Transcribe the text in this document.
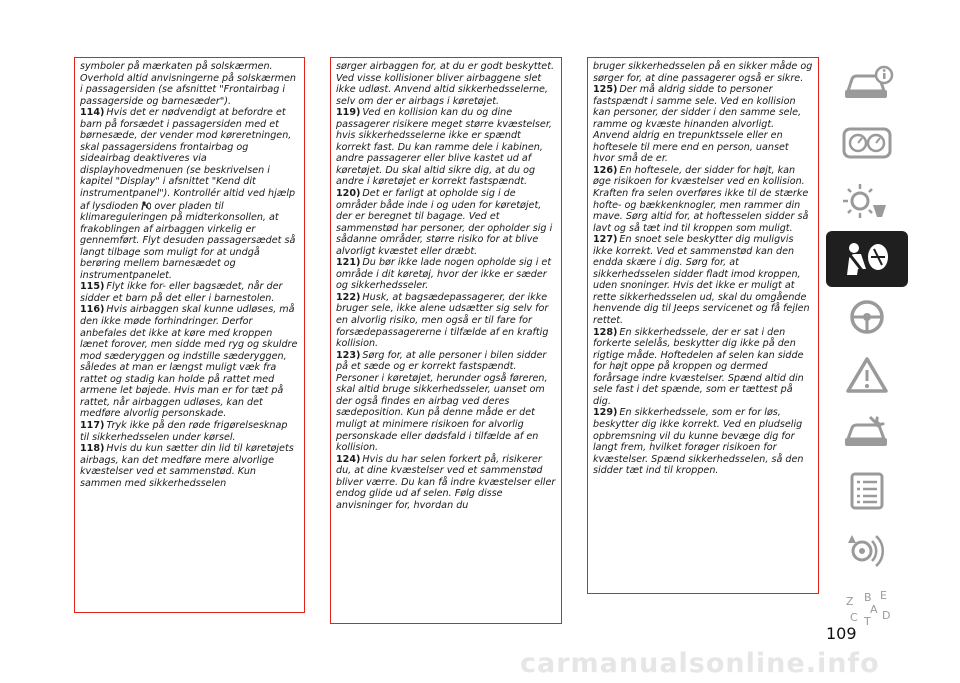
symboler på mærkaten på solskærmen. Overhold altid anvisningerne på solskærmen i passagersiden (se afsnittet "Frontairbag i passagerside og barnesæder").

114) Hvis det er nødvendigt at befordre et barn på forsædet i passagersiden med et børnesæde, der vender mod køreretningen, skal passagersidens frontairbag og sideairbag deaktiveres via displayhovedmenuen (se beskrivelsen i kapitel "Display" i afsnittet "Kend dit instrumentpanel"). Kontrollér altid ved hjælp af lysdioden over pladen til klimareguleringen på midterkonsollen, at frakoblingen af airbaggen virkelig er gennemført. Flyt desuden passagersædet så langt tilbage som muligt for at undgå berøring mellem barnesædet og instrumentpanelet.

115) Flyt ikke for- eller bagsædet, når der sidder et barn på det eller i barnestolen.

116) Hvis airbaggen skal kunne udløses, må den ikke møde forhindringer. Derfor anbefales det ikke at køre med kroppen lænet forover, men sidde med ryg og skuldre mod sæderyggen og indstille sæderyggen, således at man er længst muligt væk fra rattet og stadig kan holde på rattet med armene let bøjede. Hvis man er for tæt på rattet, når airbaggen udløses, kan det medføre alvorlig personskade.

117) Tryk ikke på den røde frigørelsesknap til sikkerhedsselen under kørsel.

118) Hvis du kun sætter din lid til køretøjets airbags, kan det medføre mere alvorlige kvæstelser ved et sammenstød. Kun sammen med sikkerhedsselen

sørger airbaggen for, at du er godt beskyttet. Ved visse kollisioner bliver airbaggene slet ikke udløst. Anvend altid sikkerhedsselerne, selv om der er airbags i køretøjet.

119) Ved en kollision kan du og dine passagerer risikere meget større kvæstelser, hvis sikkerhedsselerne ikke er spændt korrekt fast. Du kan ramme dele i kabinen, andre passagerer eller blive kastet ud af køretøjet. Du skal altid sikre dig, at du og andre i køretøjet er korrekt fastspændt.

120) Det er farligt at opholde sig i de områder både inde i og uden for køretøjet, der er beregnet til bagage. Ved et sammenstød har personer, der opholder sig i sådanne områder, større risiko for at blive alvorligt kvæstet eller dræbt.

121) Du bør ikke lade nogen opholde sig i et område i dit køretøj, hvor der ikke er sæder og sikkerhedsseler.

122) Husk, at bagsædepassagerer, der ikke bruger sele, ikke alene udsætter sig selv for en alvorlig risiko, men også er til fare for forsædepassagererne i tilfælde af en kraftig kollision.

123) Sørg for, at alle personer i bilen sidder på et sæde og er korrekt fastspændt. Personer i køretøjet, herunder også føreren, skal altid bruge sikkerhedsseler, uanset om der også findes en airbag ved deres sædeposition. Kun på denne måde er det muligt at minimere risikoen for alvorlig personskade eller dødsfald i tilfælde af en kollision.

124) Hvis du har selen forkert på, risikerer du, at dine kvæstelser ved et sammenstød bliver værre. Du kan få indre kvæstelser eller endog glide ud af selen. Følg disse anvisninger for, hvordan du

bruger sikkerhedsselen på en sikker måde og sørger for, at dine passagerer også er sikre.

125) Der må aldrig sidde to personer fastspændt i samme sele. Ved en kollision kan personer, der sidder i den samme sele, ramme og kvæste hinanden alvorligt. Anvend aldrig en trepunktssele eller en hoftesele til mere end en person, uanset hvor små de er.

126) En hoftesele, der sidder for højt, kan øge risikoen for kvæstelser ved en kollision. Kraften fra selen overføres ikke til de stærke hofte- og bækkenknogler, men rammer din mave. Sørg altid for, at hoftesselen sidder så lavt og så tæt ind til kroppen som muligt.

127) En snoet sele beskytter dig muligvis ikke korrekt. Ved et sammenstød kan den endda skære i dig. Sørg for, at sikkerhedsselen sidder fladt imod kroppen, uden snoninger. Hvis det ikke er muligt at rette sikkerhedsselen ud, skal du omgående henvende dig til Jeeps servicenet og få fejlen rettet.

128) En sikkerhedssele, der er sat i den forkerte selelås, beskytter dig ikke på den rigtige måde. Hoftedelen af selen kan sidde for højt oppe på kroppen og dermed forårsage indre kvæstelser. Spænd altid din sele fast i det spænde, som er tættest på dig.

129) En sikkerhedssele, som er for løs, beskytter dig ikke korrekt. Ved en pludselig opbremsning vil du kunne bevæge dig for langt frem, hvilket forøger risikoen for kvæstelser. Spænd sikkerhedsselen, så den sidder tæt ind til kroppen.

Z B E
C
A
T D
109
carmanualsonline.info
